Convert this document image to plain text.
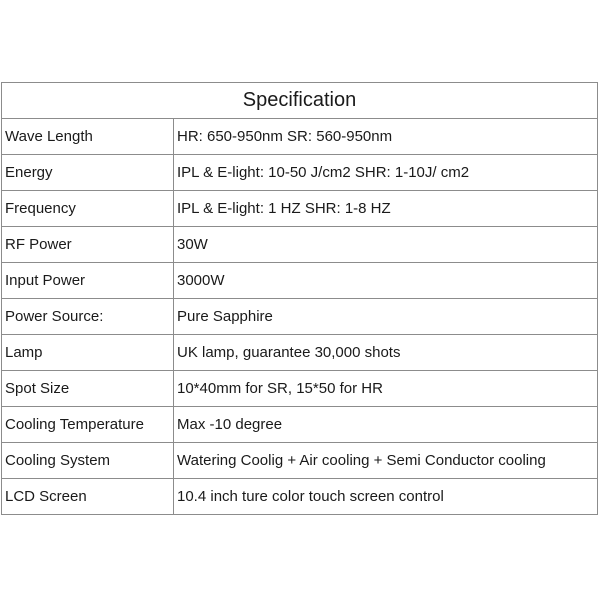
Specification	
Wave Length	HR: 650-950nm SR: 560-950nm
Energy	IPL & E-light: 10-50 J/cm2 SHR: 1-10J/ cm2
Frequency	IPL & E-light: 1 HZ SHR: 1-8 HZ
RF Power	30W
Input Power	3000W
Power Source:	Pure Sapphire
Lamp	UK lamp, guarantee 30,000 shots
Spot Size	10*40mm for SR, 15*50 for HR
Cooling Temperature	Max -10 degree
Cooling System	Watering Coolig + Air cooling + Semi Conductor cooling
LCD Screen	10.4 inch ture color touch screen control
